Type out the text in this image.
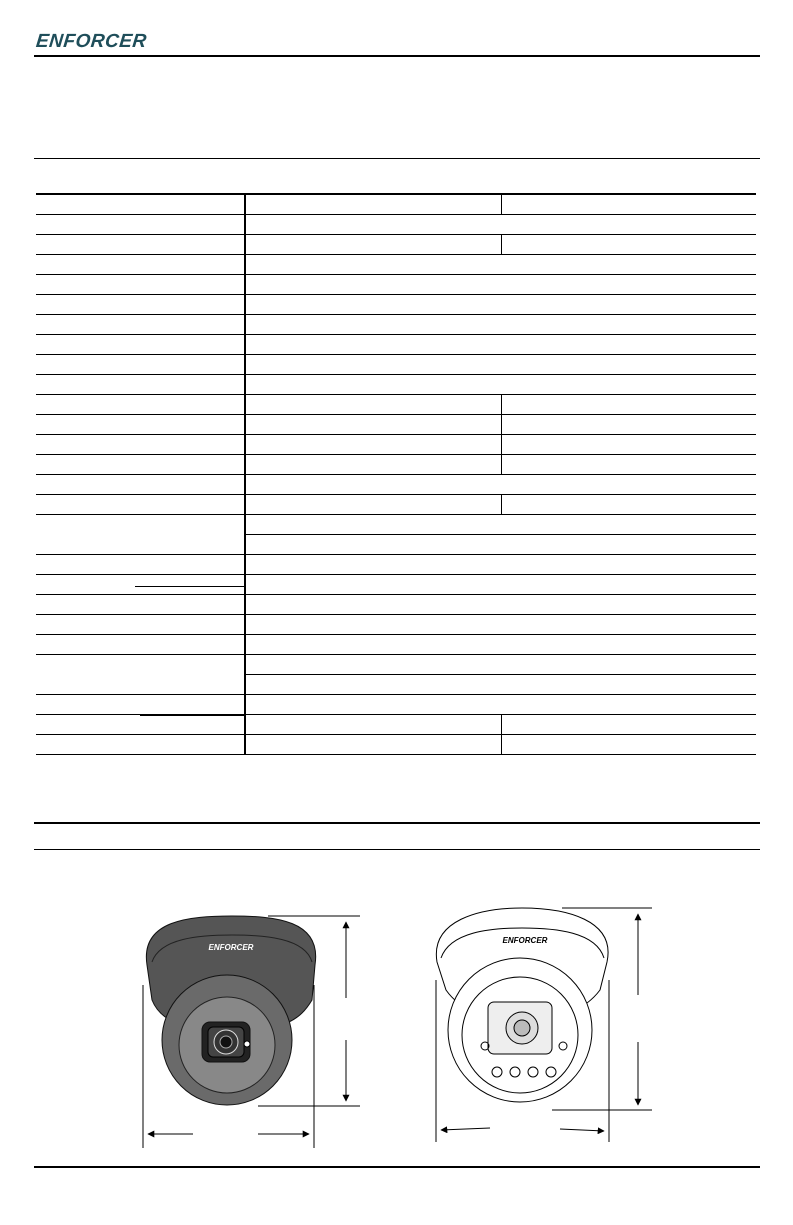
ENFORCER

ENFORCER
ENFORCER
